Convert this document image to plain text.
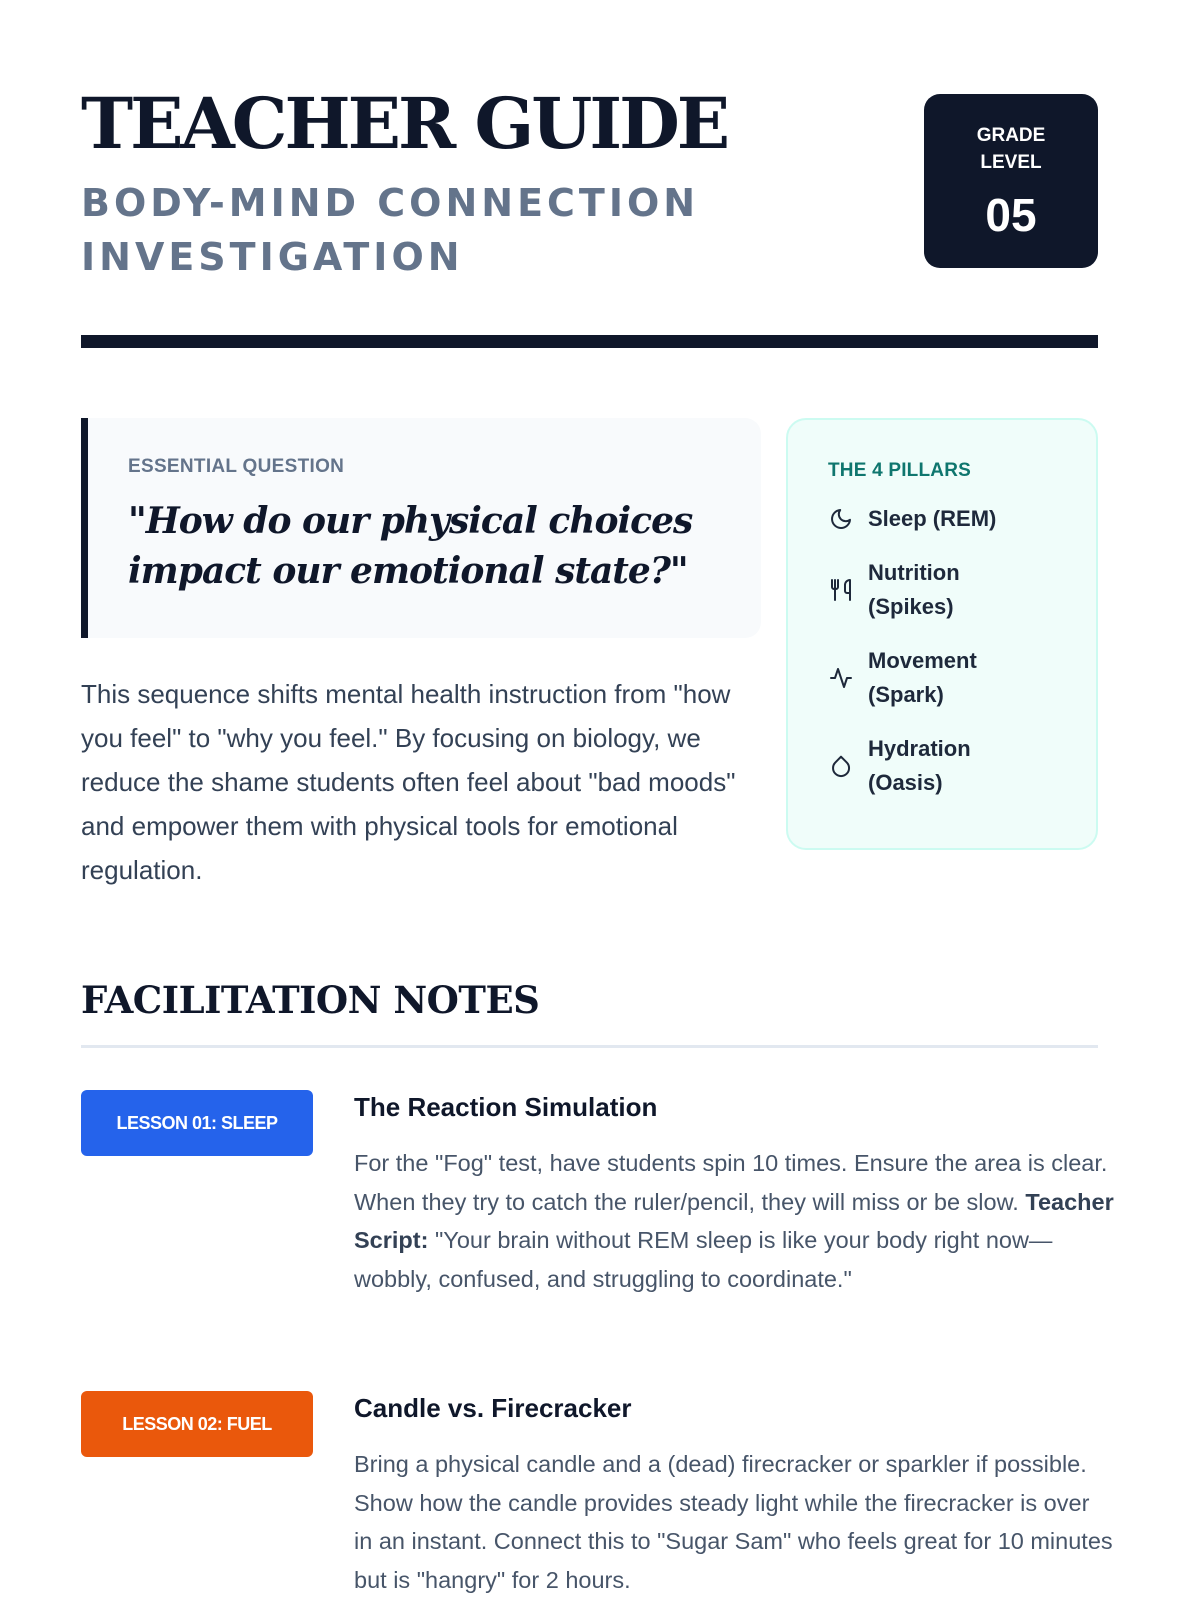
TEACHER GUIDE
BODY-MIND CONNECTION INVESTIGATION
GRADE LEVEL
05
ESSENTIAL QUESTION
"How do our physical choices impact our emotional state?"

This sequence shifts mental health instruction from "how you feel" to "why you feel." By focusing on biology, we reduce the shame students often feel about "bad moods" and empower them with physical tools for emotional regulation.

THE 4 PILLARS
Sleep (REM)
Nutrition (Spikes)
Movement (Spark)
Hydration (Oasis)
FACILITATION NOTES
LESSON 01: SLEEP
The Reaction Simulation
For the "Fog" test, have students spin 10 times. Ensure the area is clear. When they try to catch the ruler/pencil, they will miss or be slow. Teacher Script: "Your brain without REM sleep is like your body right now—wobbly, confused, and struggling to coordinate."
LESSON 02: FUEL
Candle vs. Firecracker
Bring a physical candle and a (dead) firecracker or sparkler if possible. Show how the candle provides steady light while the firecracker is over in an instant. Connect this to "Sugar Sam" who feels great for 10 minutes but is "hangry" for 2 hours.
